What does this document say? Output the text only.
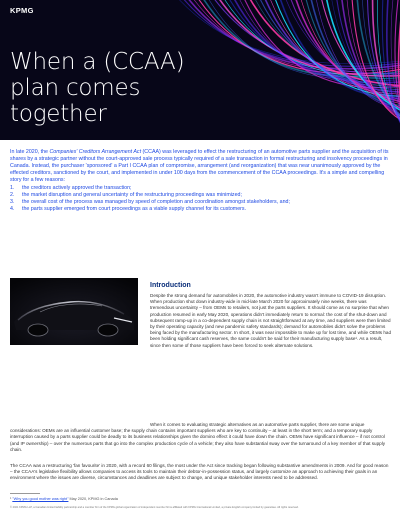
KPMG
When a (CCAA) plan comes together

In late 2020, the Companies' Creditors Arrangement Act (CCAA) was leveraged to effect the restructuring of an automotive parts supplier and the acquisition of its shares by a strategic partner without the court-approved sale process typically required of a sale transaction in formal restructuring and insolvency proceedings in Canada. Instead, the purchaser 'sponsored' a Part I CCAA plan of compromise, arrangement (and reorganization) that was near unanimously approved by the effected creditors, sanctioned by the court, and implemented in under 100 days from the commencement of the CCAA proceedings. It's a simple and compelling story for a few reasons:

1.	the creditors actively approved the transaction;
2.	the market disruption and general uncertainty of the restructuring proceedings was minimized;
3.	the overall cost of the process was managed by speed of completion and coordination amongst stakeholders, and;
4.	the parts supplier emerged from court proceedings as a viable supply channel for its customers.
Introduction

Despite the strong demand for automobiles in 2020, the automotive industry wasn't immune to COVID-19 disruption. When production shut down industry-wide in mid-late March 2020 for approximately nine weeks, there was tremendous uncertainty – from OEMs to retailers, not just the parts suppliers. It should come as no surprise that when production resumed in early May 2020, operations didn't immediately return to normal: the cost of the shut-down and subsequent ramp-up in a co-dependent supply chain is not straightforward at any time, and suppliers were then limited by their operating capacity (and new pandemic safety standards); demand for automobiles didn't solve the problems being faced by the manufacturing sector. In short, it was near impossible to make up for lost time, and while OEMs had been holding significant cash reserves, the same couldn't be said for their manufacturing supply base¹. As a result, since then some of those suppliers have been forced to seek alternate solutions.

When it comes to evaluating strategic alternatives as an automotive parts supplier, there are some unique considerations: OEMs are an influential customer base; the supply chain contains important suppliers who are key to continuity – at least in the short term; and a temporary supply interruption caused by a parts supplier could be deadly to its business relationships given the domino effect it could have down the chain. OEMs have significant influence – if not control (and IP ownership) – over the numerous parts that go into the complex production cycle of a vehicle; they also have substantial sway over the turnaround of a key member of that supply chain.

The CCAA was a restructuring 'fan favourite' in 2020, with a record 60 filings, the most under the Act since tracking began following substantive amendments in 2009. And for good reason – the CCAA's legislative flexibility allows companies to access its tools to maintain their debtor-in-possession status, and largely customize an approach to achieving their goals in an environment where the issues are diverse, circumstances and deadlines are subject to change, and unique stakeholder interests need to be addressed.

¹ "Why you good mother was right" May 2020, KPMG in Canada

© 2021 KPMG LLP, a Canadian limited liability partnership and a member firm of the KPMG global organization of independent member firms affiliated with KPMG International Limited, a private English company limited by guarantee. All rights reserved.
